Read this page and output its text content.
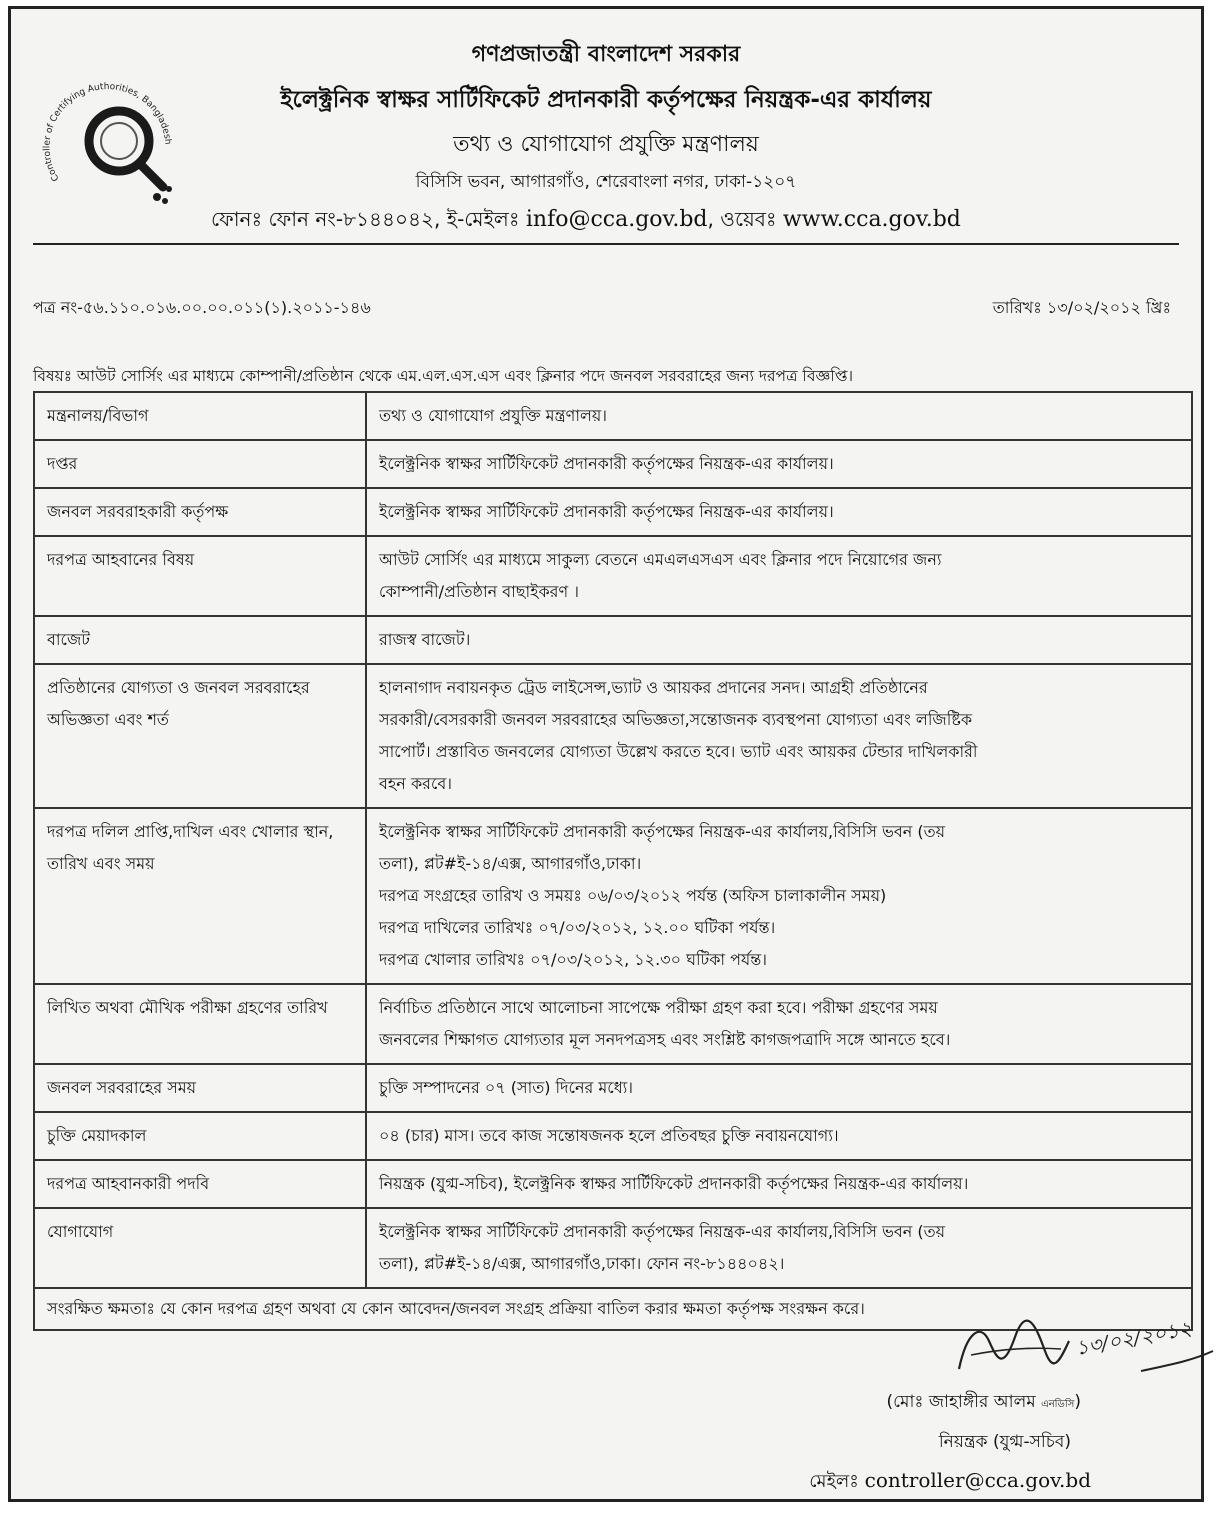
Controller of Certifying Authorities, Bangladesh
গণপ্রজাতন্ত্রী বাংলাদেশ সরকার
ইলেক্ট্রনিক স্বাক্ষর সার্টিফিকেট প্রদানকারী কর্তৃপক্ষের নিয়ন্ত্রক-এর কার্যালয়
তথ্য ও যোগাযোগ প্রযুক্তি মন্ত্রণালয়
বিসিসি ভবন, আগারগাঁও, শেরেবাংলা নগর, ঢাকা-১২০৭
ফোনঃ ফোন নং-৮১৪৪০৪২, ই-মেইলঃ info@cca.gov.bd, ওয়েবঃ www.cca.gov.bd
পত্র নং-৫৬.১১০.০১৬.০০.০০.০১১(১).২০১১-১৪৬	তারিখঃ ১৩/০২/২০১২ খ্রিঃ
বিষয়ঃ আউট সোর্সিং এর মাধ্যমে কোম্পানী/প্রতিষ্ঠান থেকে এম.এল.এস.এস এবং ক্লিনার পদে জনবল সরবরাহের জন্য দরপত্র বিজ্ঞপ্তি।
মন্ত্রনালয়/বিভাগ	তথ্য ও যোগাযোগ প্রযুক্তি মন্ত্রণালয়।

দপ্তর	ইলেক্ট্রনিক স্বাক্ষর সার্টিফিকেট প্রদানকারী কর্তৃপক্ষের নিয়ন্ত্রক-এর কার্যালয়।

জনবল সরবরাহকারী কর্তৃপক্ষ	ইলেক্ট্রনিক স্বাক্ষর সার্টিফিকেট প্রদানকারী কর্তৃপক্ষের নিয়ন্ত্রক-এর কার্যালয়।

দরপত্র আহবানের বিষয়	আউট সোর্সিং এর মাধ্যমে সাকুল্য বেতনে এমএলএসএস এবং ক্লিনার পদে নিয়োগের জন্য
কোম্পানী/প্রতিষ্ঠান বাছাইকরণ ।

বাজেট	রাজস্ব বাজেট।

প্রতিষ্ঠানের যোগ্যতা ও জনবল সরবরাহের অভিজ্ঞতা এবং শর্ত	হালনাগাদ নবায়নকৃত ট্রেড লাইসেন্স,ভ্যাট ও আয়কর প্রদানের সনদ। আগ্রহী প্রতিষ্ঠানের
সরকারী/বেসরকারী জনবল সরবরাহের অভিজ্ঞতা,সন্তোজনক ব্যবস্থপনা যোগ্যতা এবং লজিষ্টিক
সাপোর্ট। প্রস্তাবিত জনবলের যোগ্যতা উল্লেখ করতে হবে। ভ্যাট এবং আয়কর টেন্ডার দাখিলকারী
বহন করবে।

দরপত্র দলিল প্রাপ্তি,দাখিল এবং খোলার স্থান, তারিখ এবং সময়	ইলেক্ট্রনিক স্বাক্ষর সার্টিফিকেট প্রদানকারী কর্তৃপক্ষের নিয়ন্ত্রক-এর কার্যালয়,বিসিসি ভবন (তয়
তলা), প্লট#ই-১৪/এক্স, আগারগাঁও,ঢাকা।
দরপত্র সংগ্রহের তারিখ ও সময়ঃ ০৬/০৩/২০১২ পর্যন্ত (অফিস চালাকালীন সময়)
দরপত্র দাখিলের তারিখঃ ০৭/০৩/২০১২, ১২.০০ ঘটিকা পর্যন্ত।
দরপত্র খোলার তারিখঃ ০৭/০৩/২০১২, ১২.৩০ ঘটিকা পর্যন্ত।

লিখিত অথবা মৌখিক পরীক্ষা গ্রহণের তারিখ	নির্বাচিত প্রতিষ্ঠানে সাথে আলোচনা সাপেক্ষে পরীক্ষা গ্রহণ করা হবে। পরীক্ষা গ্রহণের সময়
জনবলের শিক্ষাগত যোগ্যতার মূল সনদপত্রসহ এবং সংশ্লিষ্ট কাগজপত্রাদি সঙ্গে আনতে হবে।

জনবল সরবরাহের সময়	চুক্তি সম্পাদনের ০৭ (সাত) দিনের মধ্যে।

চুক্তি মেয়াদকাল	০৪ (চার) মাস। তবে কাজ সন্তোষজনক হলে প্রতিবছর চুক্তি নবায়নযোগ্য।

দরপত্র আহবানকারী পদবি	নিয়ন্ত্রক (যুগ্ম-সচিব), ইলেক্ট্রনিক স্বাক্ষর সার্টিফিকেট প্রদানকারী কর্তৃপক্ষের নিয়ন্ত্রক-এর কার্যালয়।

যোগাযোগ	ইলেক্ট্রনিক স্বাক্ষর সার্টিফিকেট প্রদানকারী কর্তৃপক্ষের নিয়ন্ত্রক-এর কার্যালয়,বিসিসি ভবন (তয়
তলা), প্লট#ই-১৪/এক্স, আগারগাঁও,ঢাকা। ফোন নং-৮১৪৪০৪২।

সংরক্ষিত ক্ষমতাঃ যে কোন দরপত্র গ্রহণ অথবা যে কোন আবেদন/জনবল সংগ্রহ প্রক্রিয়া বাতিল করার ক্ষমতা কর্তৃপক্ষ সংরক্ষন করে।	
১৩/০২/২০১২
(মোঃ জাহাঙ্গীর আলম এনডিসি)
নিয়ন্ত্রক (যুগ্ম-সচিব)
মেইলঃ controller@cca.gov.bd
